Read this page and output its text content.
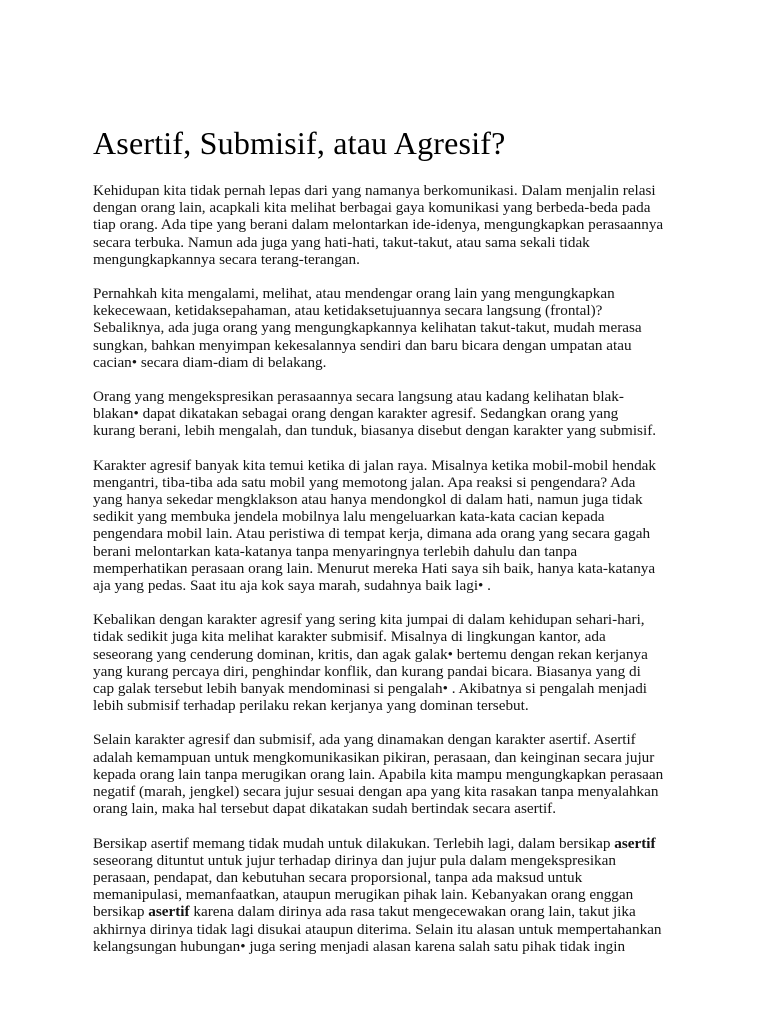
Asertif, Submisif, atau Agresif?

Kehidupan kita tidak pernah lepas dari yang namanya berkomunikasi. Dalam menjalin relasi
dengan orang lain, acapkali kita melihat berbagai gaya komunikasi yang berbeda-beda pada
tiap orang. Ada tipe yang berani dalam melontarkan ide-idenya, mengungkapkan perasaannya
secara terbuka. Namun ada juga yang hati-hati, takut-takut, atau sama sekali tidak
mengungkapkannya secara terang-terangan.

Pernahkah kita mengalami, melihat, atau mendengar orang lain yang mengungkapkan
kekecewaan, ketidaksepahaman, atau ketidaksetujuannya secara langsung (frontal)?
Sebaliknya, ada juga orang yang mengungkapkannya kelihatan takut-takut, mudah merasa
sungkan, bahkan menyimpan kekesalannya sendiri dan baru bicara dengan umpatan atau
cacian• secara diam-diam di belakang.

Orang yang mengekspresikan perasaannya secara langsung atau kadang kelihatan blak-
blakan• dapat dikatakan sebagai orang dengan karakter agresif. Sedangkan orang yang
kurang berani, lebih mengalah, dan tunduk, biasanya disebut dengan karakter yang submisif.

Karakter agresif banyak kita temui ketika di jalan raya. Misalnya ketika mobil-mobil hendak
mengantri, tiba-tiba ada satu mobil yang memotong jalan. Apa reaksi si pengendara? Ada
yang hanya sekedar mengklakson atau hanya mendongkol di dalam hati, namun juga tidak
sedikit yang membuka jendela mobilnya lalu mengeluarkan kata-kata cacian kepada
pengendara mobil lain. Atau peristiwa di tempat kerja, dimana ada orang yang secara gagah
berani melontarkan kata-katanya tanpa menyaringnya terlebih dahulu dan tanpa
memperhatikan perasaan orang lain. Menurut mereka Hati saya sih baik, hanya kata-katanya
aja yang pedas. Saat itu aja kok saya marah, sudahnya baik lagi• .

Kebalikan dengan karakter agresif yang sering kita jumpai di dalam kehidupan sehari-hari,
tidak sedikit juga kita melihat karakter submisif. Misalnya di lingkungan kantor, ada
seseorang yang cenderung dominan, kritis, dan agak galak• bertemu dengan rekan kerjanya
yang kurang percaya diri, penghindar konflik, dan kurang pandai bicara. Biasanya yang di
cap galak tersebut lebih banyak mendominasi si pengalah• . Akibatnya si pengalah menjadi
lebih submisif terhadap perilaku rekan kerjanya yang dominan tersebut.

Selain karakter agresif dan submisif, ada yang dinamakan dengan karakter asertif. Asertif
adalah kemampuan untuk mengkomunikasikan pikiran, perasaan, dan keinginan secara jujur
kepada orang lain tanpa merugikan orang lain. Apabila kita mampu mengungkapkan perasaan
negatif (marah, jengkel) secara jujur sesuai dengan apa yang kita rasakan tanpa menyalahkan
orang lain, maka hal tersebut dapat dikatakan sudah bertindak secara asertif.

Bersikap asertif memang tidak mudah untuk dilakukan. Terlebih lagi, dalam bersikap asertif
seseorang dituntut untuk jujur terhadap dirinya dan jujur pula dalam mengekspresikan
perasaan, pendapat, dan kebutuhan secara proporsional, tanpa ada maksud untuk
memanipulasi, memanfaatkan, ataupun merugikan pihak lain. Kebanyakan orang enggan
bersikap asertif karena dalam dirinya ada rasa takut mengecewakan orang lain, takut jika
akhirnya dirinya tidak lagi disukai ataupun diterima. Selain itu alasan untuk mempertahankan
kelangsungan hubungan• juga sering menjadi alasan karena salah satu pihak tidak ingin
